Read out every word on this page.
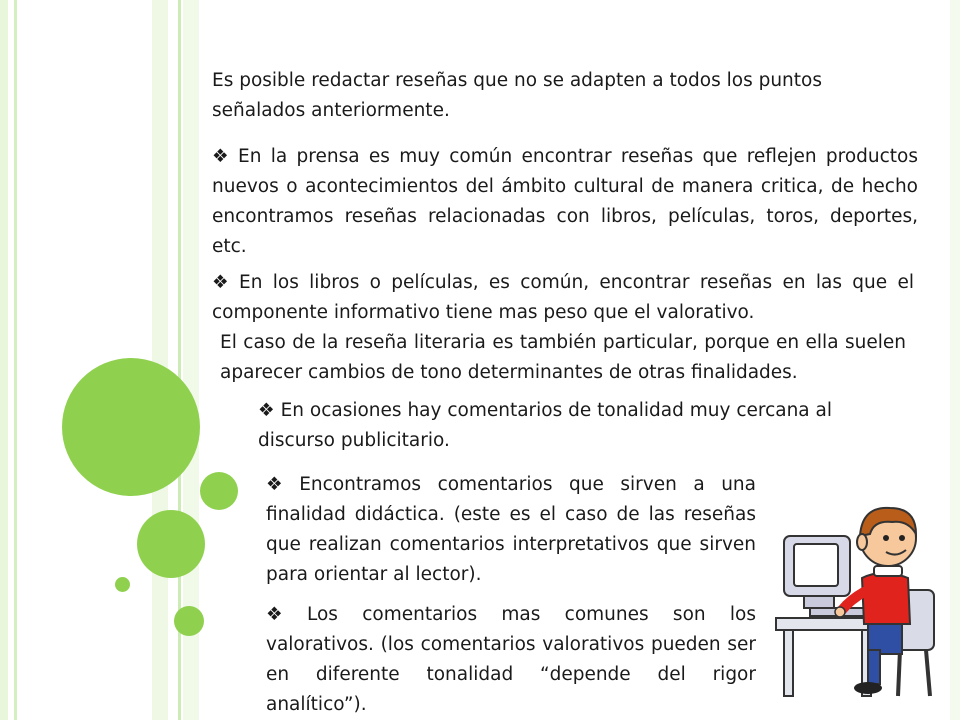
Es posible redactar reseñas que no se adapten a todos los puntos señalados anteriormente.

❖ En la prensa es muy común encontrar reseñas que reflejen productos nuevos o acontecimientos del ámbito cultural de manera critica, de hecho encontramos reseñas relacionadas con libros, películas, toros, deportes, etc.

❖ En los libros o películas, es común, encontrar reseñas en las que el componente informativo tiene mas peso que el valorativo.

El caso de la reseña literaria es también particular, porque en ella suelen aparecer cambios de tono determinantes de otras finalidades.

❖ En ocasiones hay comentarios de tonalidad muy cercana al discurso publicitario.

❖ Encontramos comentarios que sirven a una finalidad didáctica. (este es el caso de las reseñas que realizan comentarios interpretativos que sirven para orientar al lector).

❖ Los comentarios mas comunes son los valorativos. (los comentarios valorativos pueden ser en diferente tonalidad “depende del rigor analítico”).
